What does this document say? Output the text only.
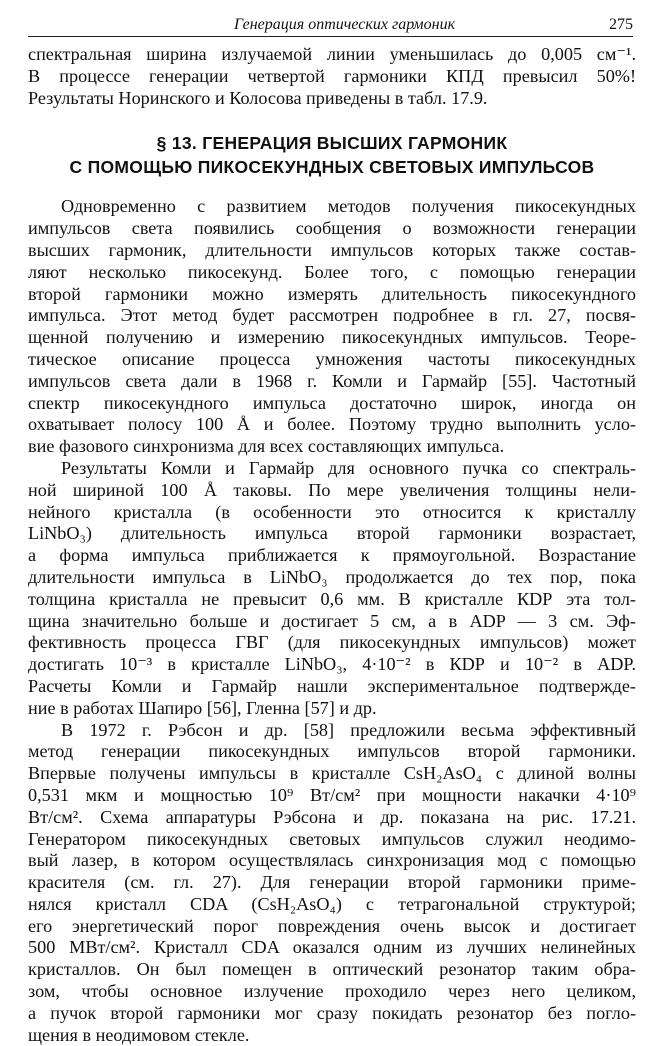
Генерация оптических гармоник	275
спектральная ширина излучаемой линии уменьшилась до 0,005 см⁻¹.
В процессе генерации четвертой гармоники КПД превысил 50%!
Результаты Норинского и Колосова приведены в табл. 17.9.
§ 13. ГЕНЕРАЦИЯ ВЫСШИХ ГАРМОНИК
С ПОМОЩЬЮ ПИКОСЕКУНДНЫХ СВЕТОВЫХ ИМПУЛЬСОВ
Одновременно с развитием методов получения пикосекундных
импульсов света появились сообщения о возможности генерации
высших гармоник, длительности импульсов которых также состав-
ляют несколько пикосекунд. Более того, с помощью генерации
второй гармоники можно измерять длительность пикосекундного
импульса. Этот метод будет рассмотрен подробнее в гл. 27, посвя-
щенной получению и измерению пикосекундных импульсов. Теоре-
тическое описание процесса умножения частоты пикосекундных
импульсов света дали в 1968 г. Комли и Гармайр [55]. Частотный
спектр пикосекундного импульса достаточно широк, иногда он
охватывает полосу 100 Å и более. Поэтому трудно выполнить усло-
вие фазового синхронизма для всех составляющих импульса.
Результаты Комли и Гармайр для основного пучка со спектраль-
ной шириной 100 Å таковы. По мере увеличения толщины нели-
нейного кристалла (в особенности это относится к кристаллу
LiNbO₃) длительность импульса второй гармоники возрастает,
а форма импульса приближается к прямоугольной. Возрастание
длительности импульса в LiNbO₃ продолжается до тех пор, пока
толщина кристалла не превысит 0,6 мм. В кристалле КDР эта тол-
щина значительно больше и достигает 5 см, а в ADP — 3 см. Эф-
фективность процесса ГВГ (для пикосекундных импульсов) может
достигать 10⁻³ в кристалле LiNbO₃, 4·10⁻² в КDР и 10⁻² в ADP.
Расчеты Комли и Гармайр нашли экспериментальное подтвержде-
ние в работах Шапиро [56], Гленна [57] и др.
В 1972 г. Рэбсон и др. [58] предложили весьма эффективный
метод генерации пикосекундных импульсов второй гармоники.
Впервые получены импульсы в кристалле CsH₂AsO₄ с длиной волны
0,531 мкм и мощностью 10⁹ Вт/см² при мощности накачки 4·10⁹
Вт/см². Схема аппаратуры Рэбсона и др. показана на рис. 17.21.
Генератором пикосекундных световых импульсов служил неодимо-
вый лазер, в котором осуществлялась синхронизация мод с помощью
красителя (см. гл. 27). Для генерации второй гармоники приме-
нялся кристалл CDA (CsH₂AsO₄) с тетрагональной структурой;
его энергетический порог повреждения очень высок и достигает
500 МВт/см². Кристалл CDA оказался одним из лучших нелинейных
кристаллов. Он был помещен в оптический резонатор таким обра-
зом, чтобы основное излучение проходило через него целиком,
а пучок второй гармоники мог сразу покидать резонатор без погло-
щения в неодимовом стекле.
